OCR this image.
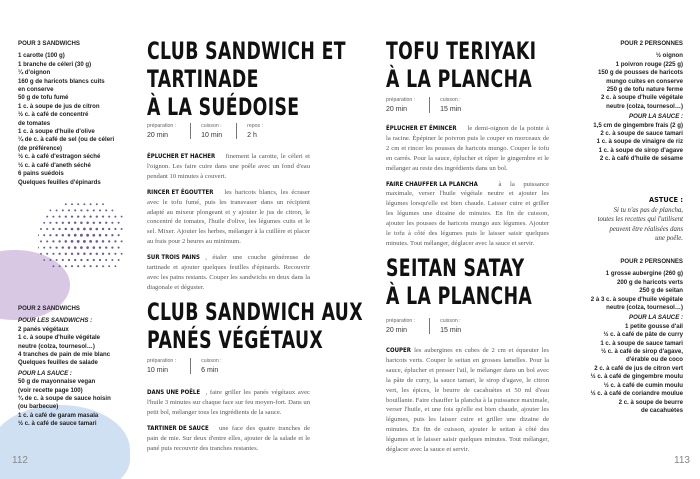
POUR 3 SANDWICHS
1 carotte (100 g)
1 branche de céleri (30 g)
¼ d'oignon
160 g de haricots blancs cuits
en conserve
50 g de tofu fumé
1 c. à soupe de jus de citron
½ c. à café de concentré
de tomates
1 c. à soupe d'huile d'olive
¼ de c. à café de sel (ou de céleri
(de préférence)
½ c. à café d'estragon séché
½ c. à café d'aneth séché
6 pains suédois
Quelques feuilles d'épinards
POUR 2 SANDWICHS
POUR LES SANDWICHS :
2 panés végétaux
1 c. à soupe d'huile végétale
neutre (colza, tournesol…)
4 tranches de pain de mie blanc
Quelques feuilles de salade
POUR LA SAUCE :
50 g de mayonnaise vegan
(voir recette page 100)
¾ de c. à soupe de sauce hoisin
(ou barbecue)
1 c. à café de garam masala
½ c. à café de sauce tamari
CLUB SANDWICH ET
TARTINADE
À LA SUÉDOISE
préparation :
20 min
cuisson :
10 min
repos :
2 h

ÉPLUCHER ET HACHER finement la carotte, le céleri et l'oignon. Les faire cuire dans une poêle avec un fond d'eau pendant 10 minutes à couvert.

RINCER ET ÉGOUTTER les haricots blancs, les écraser avec le tofu fumé, puis les transvaser dans un récipient adapté au mixeur plongeant et y ajouter le jus de citron, le concentré de tomates, l'huile d'olive, les légumes cuits et le sel. Mixer. Ajouter les herbes, mélanger à la cuillère et placer au frais pour 2 heures au minimum.

SUR TROIS PAINS , étaler une couche généreuse de tartinade et ajouter quelques feuilles d'épinards. Recouvrir avec les pains restants. Couper les sandwichs en deux dans la diagonale et déguster.

CLUB SANDWICH AUX
PANÉS VÉGÉTAUX
préparation :
10 min
cuisson :
6 min

DANS UNE POÊLE , faire griller les panés végétaux avec l'huile 3 minutes sur chaque face sur feu moyen-fort. Dans un petit bol, mélanger tous les ingrédients de la sauce.

TARTINER DE SAUCE une face des quatre tranches de pain de mie. Sur deux d'entre elles, ajouter de la salade et le pané puis recouvrir des tranches restantes.

112
TOFU TERIYAKI
À LA PLANCHA
préparation :
20 min
cuisson :
15 min

ÉPLUCHER ET ÉMINCER le demi-oignon de la pointe à la racine. Épépiner le poivron puis le couper en morceaux de 2 cm et rincer les pousses de haricots mungo. Couper le tofu en carrés. Pour la sauce, éplucher et râper le gingembre et le mélanger au reste des ingrédients dans un bol.

FAIRE CHAUFFER LA PLANCHA à la puissance maximale, verser l'huile végétale neutre et ajouter les légumes lorsqu'elle est bien chaude. Laisser cuire et griller les légumes une dizaine de minutes. En fin de cuisson, ajouter les pousses de haricots mungo aux légumes. Ajouter le tofu à côté des légumes puis le laisser saisir quelques minutes. Tout mélanger, déglacer avec la sauce et servir.

POUR 2 PERSONNES
½ oignon
1 poivron rouge (225 g)
150 g de pousses de haricots
mungo cuites en conserve
250 g de tofu nature ferme
2 c. à soupe d'huile végétale
neutre (colza, tournesol…)
POUR LA SAUCE :
1,5 cm de gingembre frais (2 g)
2 c. à soupe de sauce tamari
1 c. à soupe de vinaigre de riz
1 c. à soupe de sirop d'agave
2 c. à café d'huile de sésame
ASTUCE :
Si tu n'as pas de plancha,
toutes les recettes qui l'utilisent
peuvent être réalisées dans
une poêle.
SEITAN SATAY
À LA PLANCHA
préparation :
20 min
cuisson :
15 min

COUPER les aubergines en cubes de 2 cm et équeuter les haricots verts. Couper le seitan en grosses lamelles. Pour la sauce, éplucher et presser l'ail, le mélanger dans un bol avec la pâte de curry, la sauce tamari, le sirop d'agave, le citron vert, les épices, le beurre de cacahuètes et 50 ml d'eau bouillante. Faire chauffer la plancha à la puissance maximale, verser l'huile, et une fois qu'elle est bien chaude, ajouter les légumes, puis les laisser cuire et griller une dizaine de minutes. En fin de cuisson, ajouter le seitan à côté des légumes et le laisser saisir quelques minutes. Tout mélanger, déglacer avec la sauce et servir.

POUR 2 PERSONNES
1 grosse aubergine (260 g)
200 g de haricots verts
250 g de seitan
2 à 3 c. à soupe d'huile végétale
neutre (colza, tournesol…)
POUR LA SAUCE :
1 petite gousse d'ail
½ c. à café de pâte de curry
1 c. à soupe de sauce tamari
½ c. à café de sirop d'agave,
d'érable ou de coco
2 c. à café de jus de citron vert
½ c. à café de gingembre moulu
½ c. à café de cumin moulu
½ c. à café de coriandre moulue
2 c. à soupe de beurre
de cacahuètes
113
